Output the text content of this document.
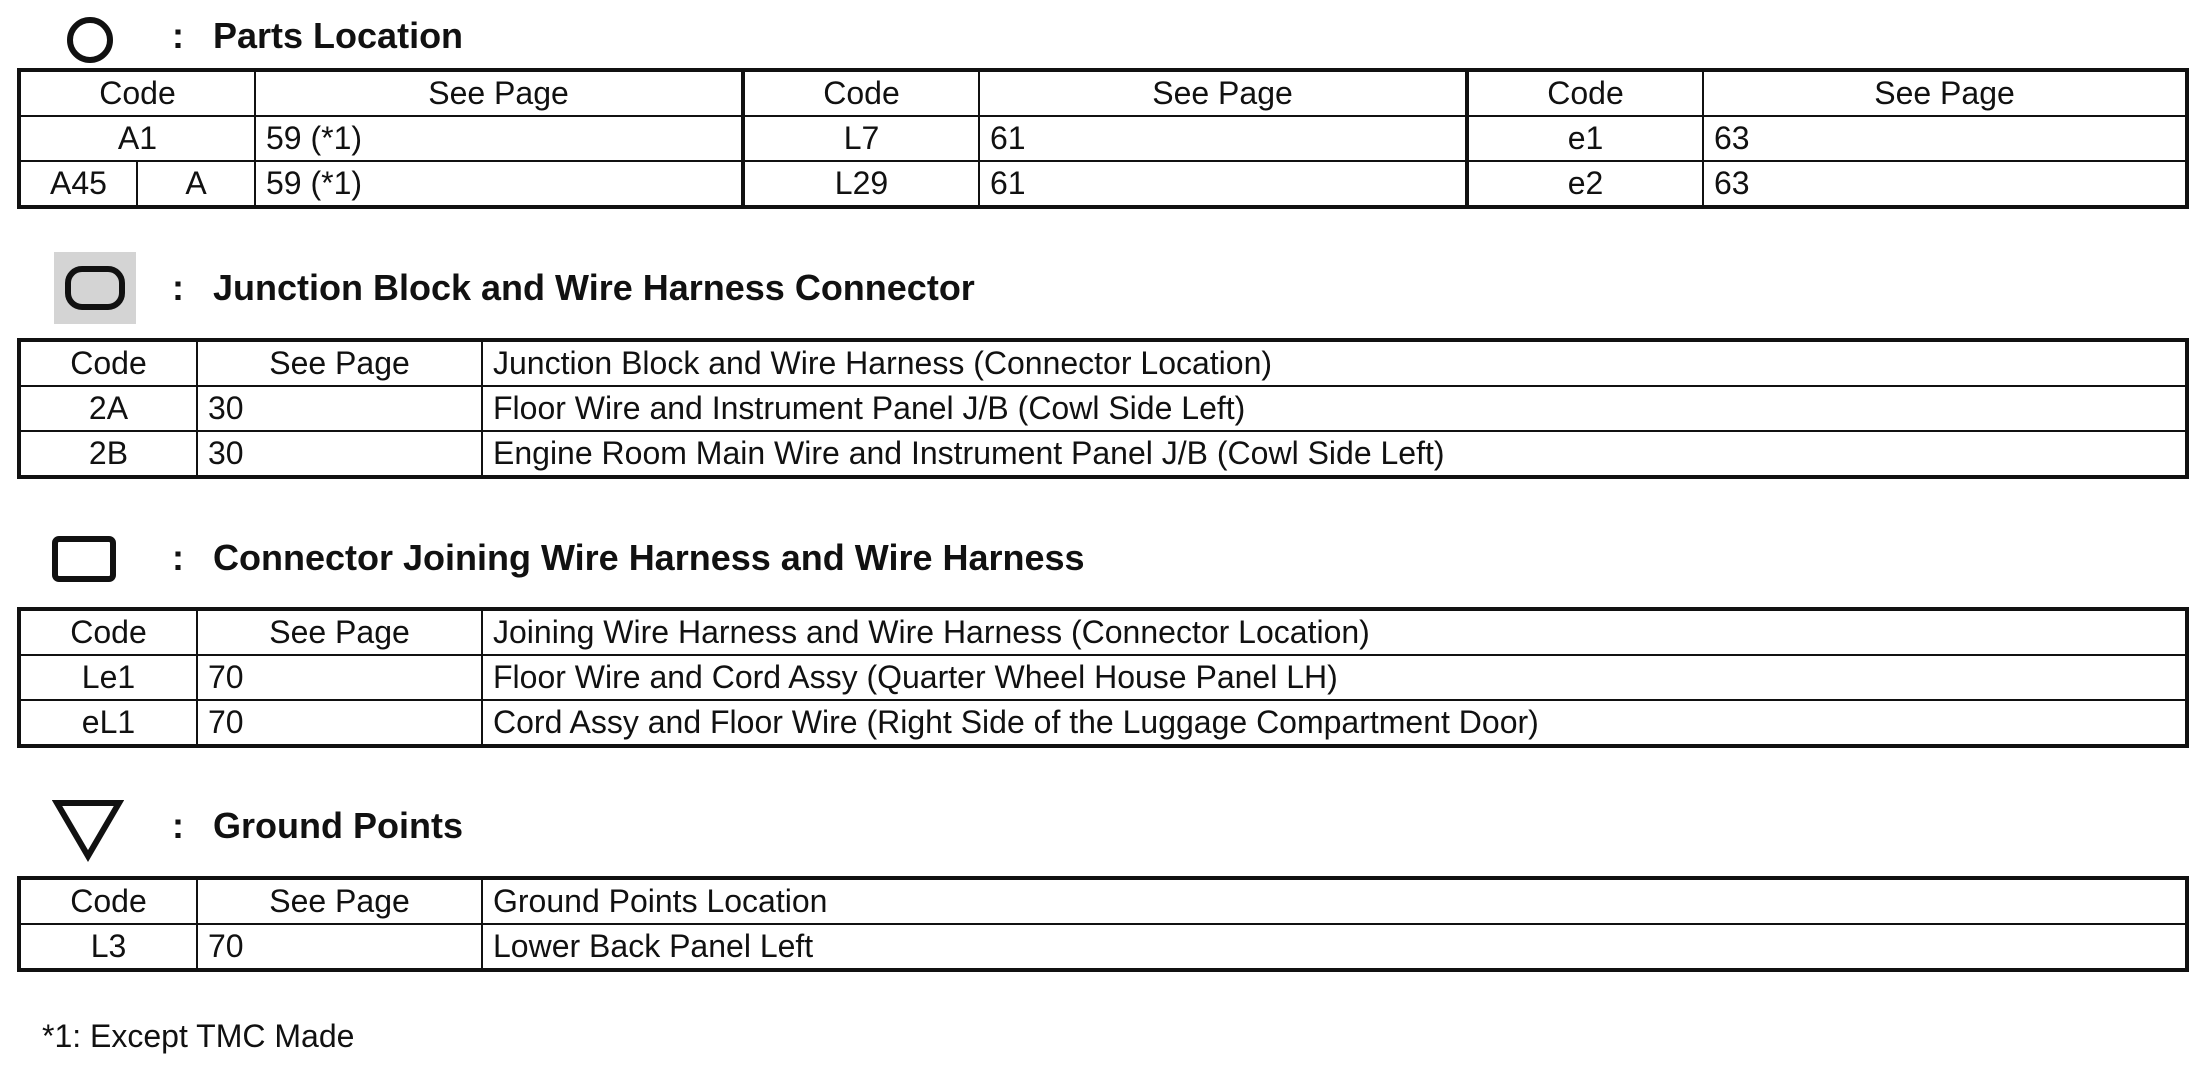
: Parts Location
Code		See Page	Code	See Page	Code	See Page
A1		59 (*1)	L7	61	e1	63
A45	A	59 (*1)	L29	61	e2	63
: Junction Block and Wire Harness Connector
Code	See Page	Junction Block and Wire Harness (Connector Location)
2A	30	Floor Wire and Instrument Panel J/B (Cowl Side Left)
2B	30	Engine Room Main Wire and Instrument Panel J/B (Cowl Side Left)
: Connector Joining Wire Harness and Wire Harness
Code	See Page	Joining Wire Harness and Wire Harness (Connector Location)
Le1	70	Floor Wire and Cord Assy (Quarter Wheel House Panel LH)
eL1	70	Cord Assy and Floor Wire (Right Side of the Luggage Compartment Door)
: Ground Points
Code	See Page	Ground Points Location
L3	70	Lower Back Panel Left
*1: Except TMC Made
